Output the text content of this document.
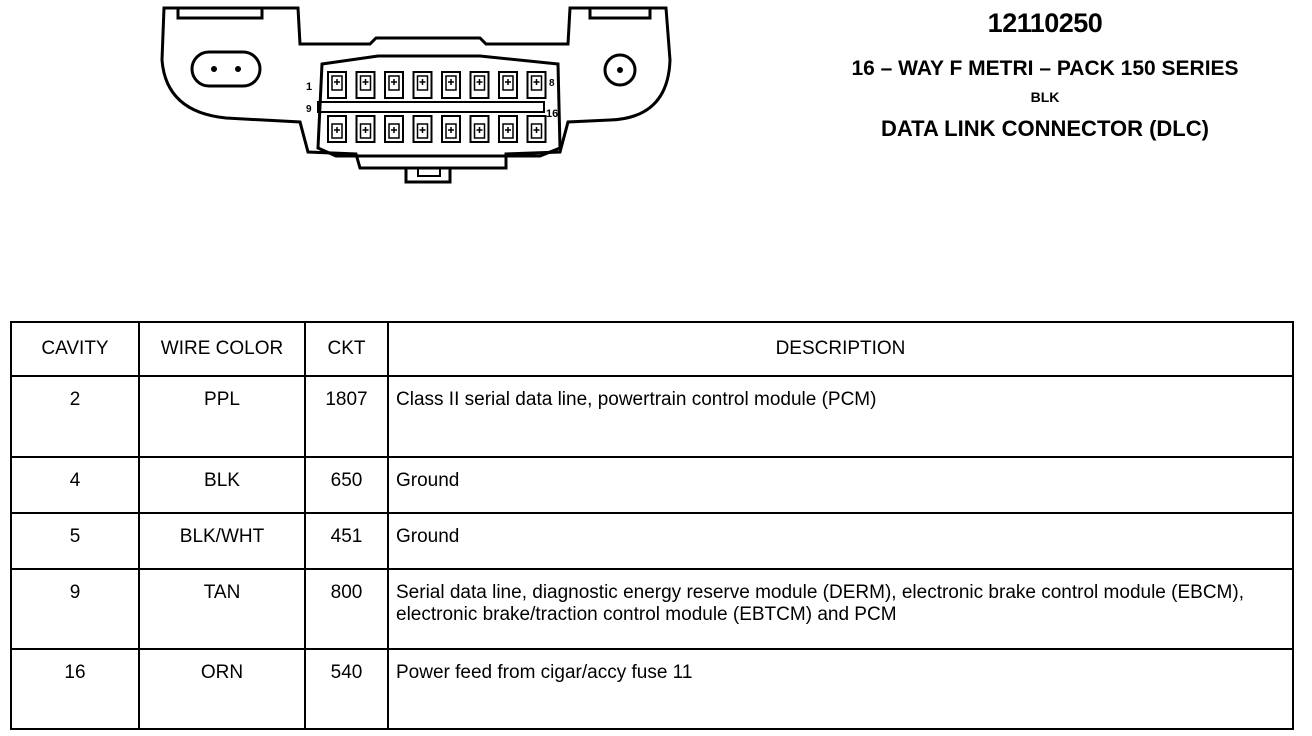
1	8
9	16
12110250
16 – WAY F METRI – PACK 150 SERIES
BLK
DATA LINK CONNECTOR (DLC)
CAVITY	WIRE COLOR	CKT	DESCRIPTION
2	PPL	1807	Class II serial data line, powertrain control module (PCM)
4	BLK	650	Ground
5	BLK/WHT	451	Ground
9	TAN	800	Serial data line, diagnostic energy reserve module (DERM), electronic brake control module (EBCM), electronic brake/traction control module (EBTCM) and PCM
16	ORN	540	Power feed from cigar/accy fuse 11
